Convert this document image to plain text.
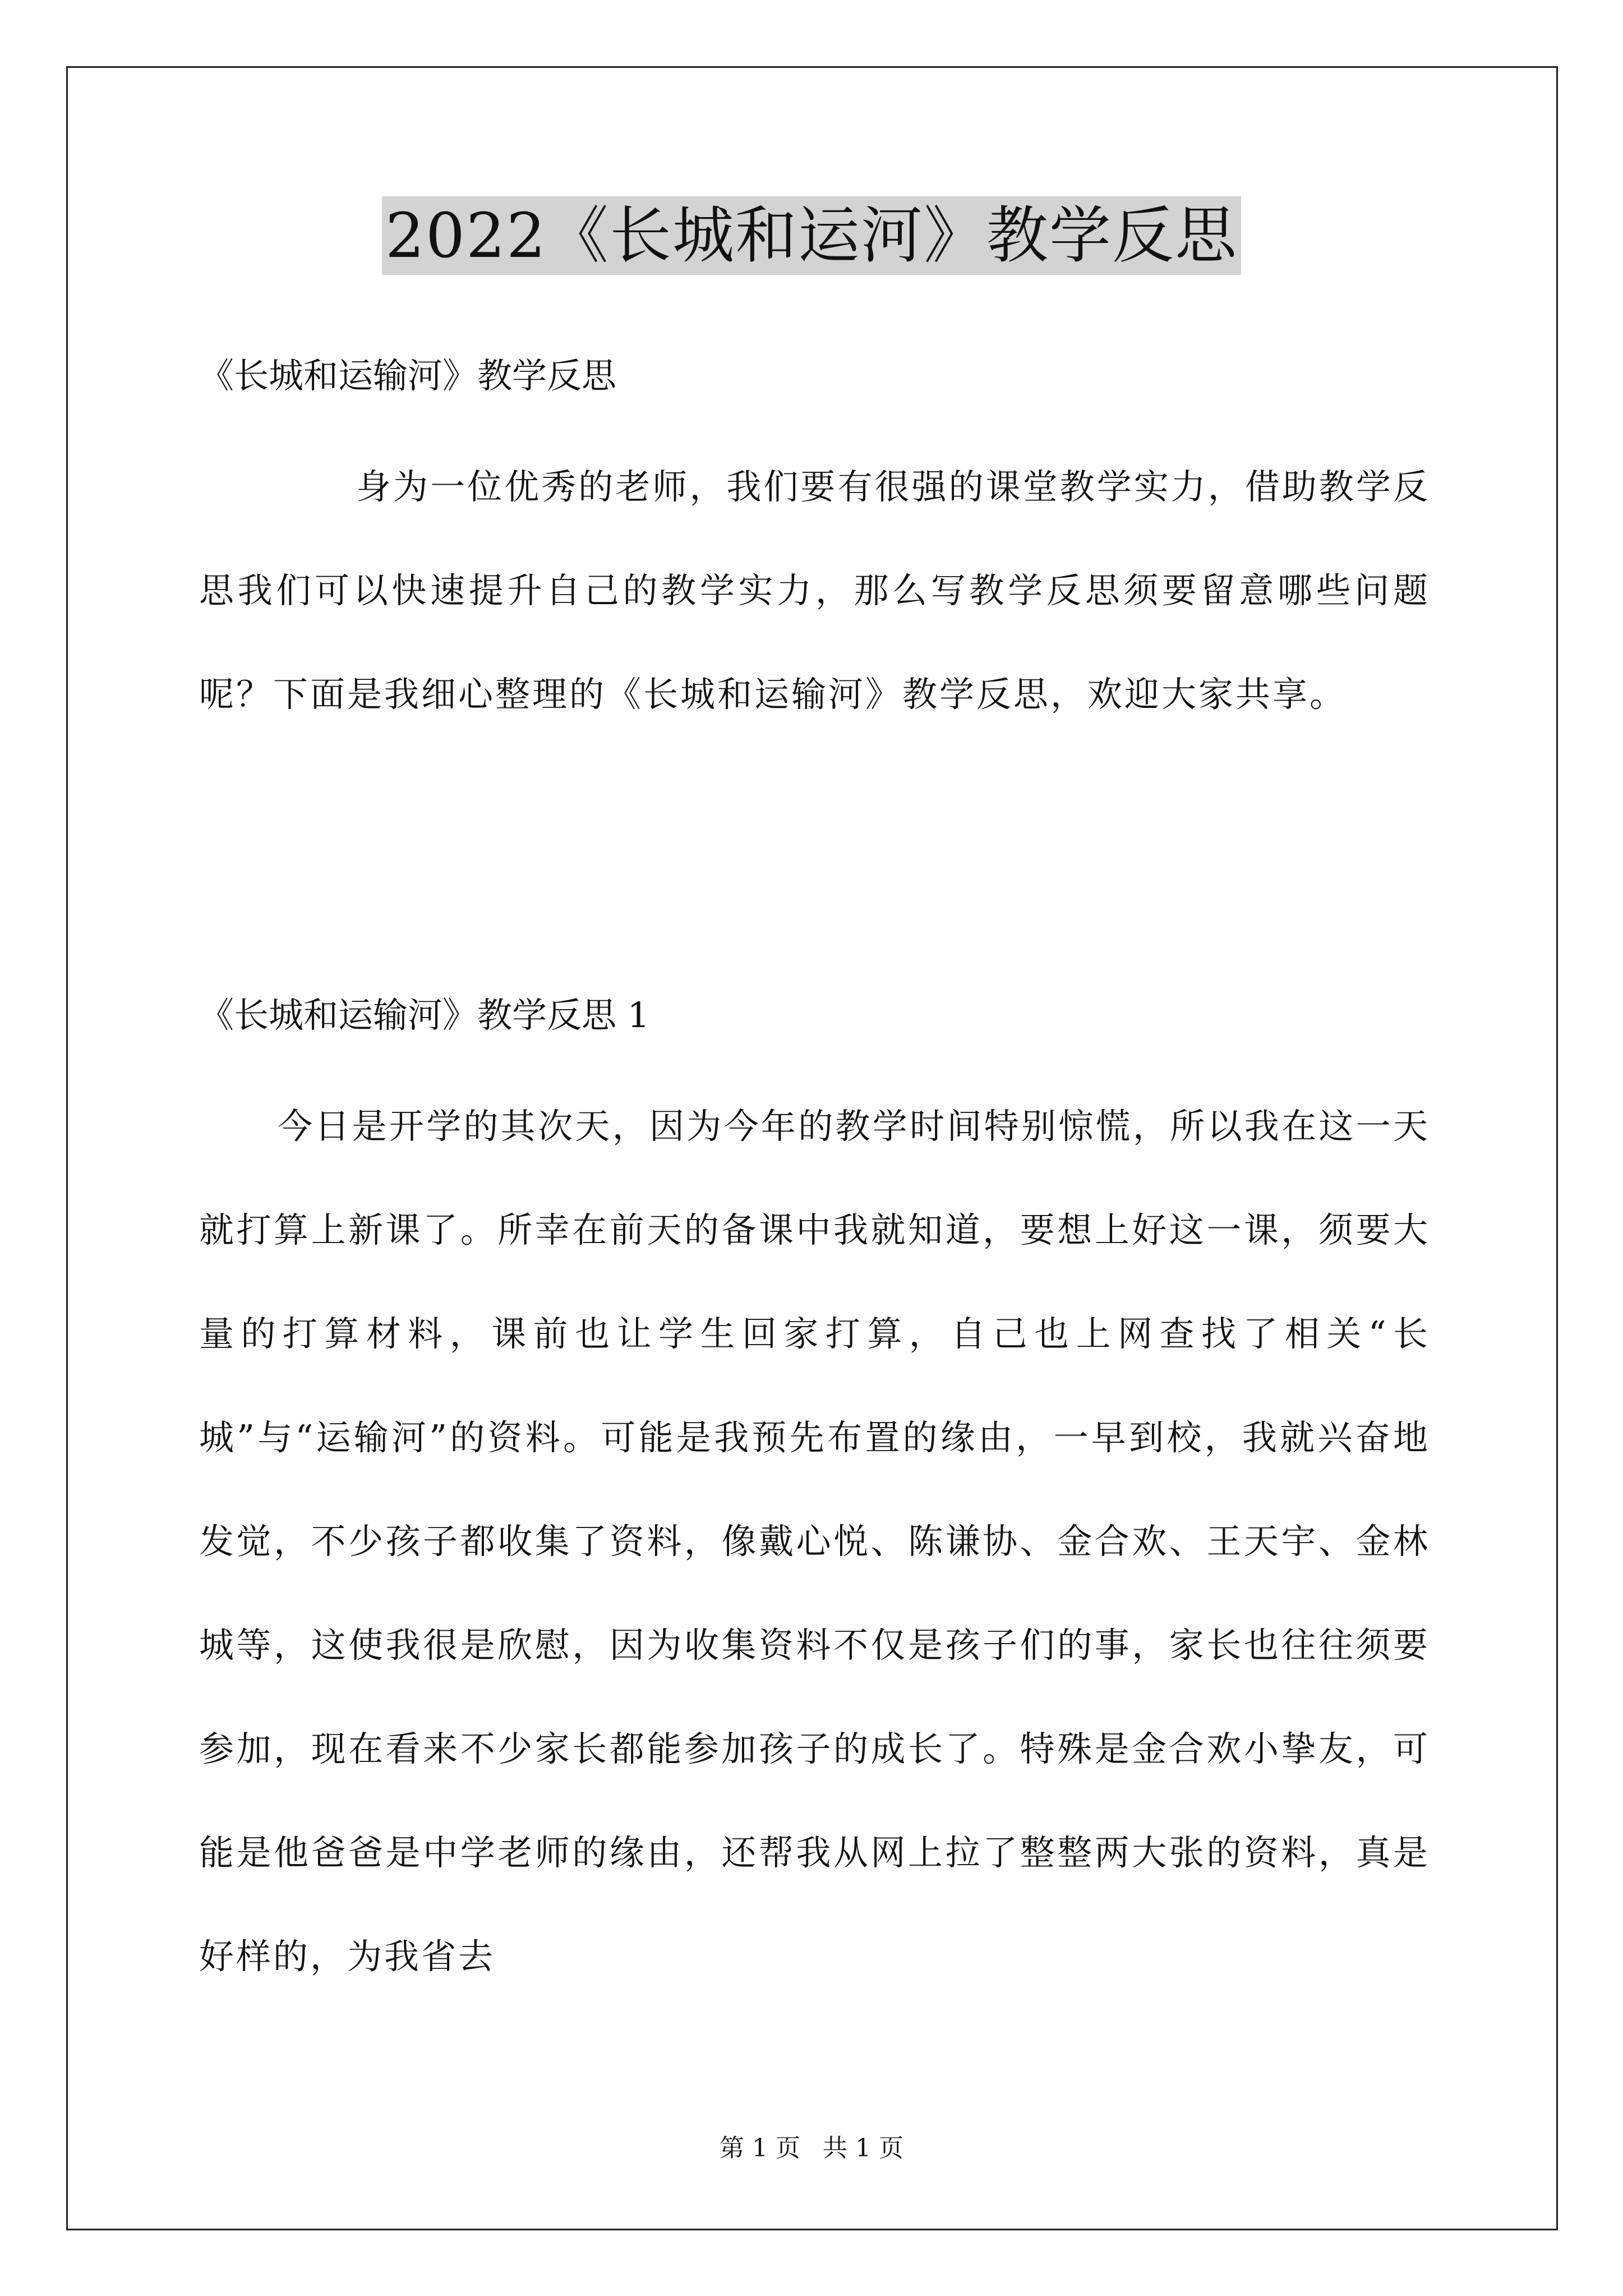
2022《长城和运河》教学反思
《长城和运输河》教学反思
身为一位优秀的老师，我们要有很强的课堂教学实力，借助教学反思我们可以快速提升自己的教学实力，那么写教学反思须要留意哪些问题呢？下面是我细心整理的《长城和运输河》教学反思，欢迎大家共享。
《长城和运输河》教学反思 1
今日是开学的其次天，因为今年的教学时间特别惊慌，所以我在这一天就打算上新课了。所幸在前天的备课中我就知道，要想上好这一课，须要大量的打算材料，课前也让学生回家打算，自己也上网查找了相关“长城”与“运输河”的资料。可能是我预先布置的缘由，一早到校，我就兴奋地发觉，不少孩子都收集了资料，像戴心悦、陈谦协、金合欢、王天宇、金林城等，这使我很是欣慰，因为收集资料不仅是孩子们的事，家长也往往须要参加，现在看来不少家长都能参加孩子的成长了。特殊是金合欢小挚友，可能是他爸爸是中学老师的缘由，还帮我从网上拉了整整两大张的资料，真是好样的，为我省去
第 1 页 共 1 页
